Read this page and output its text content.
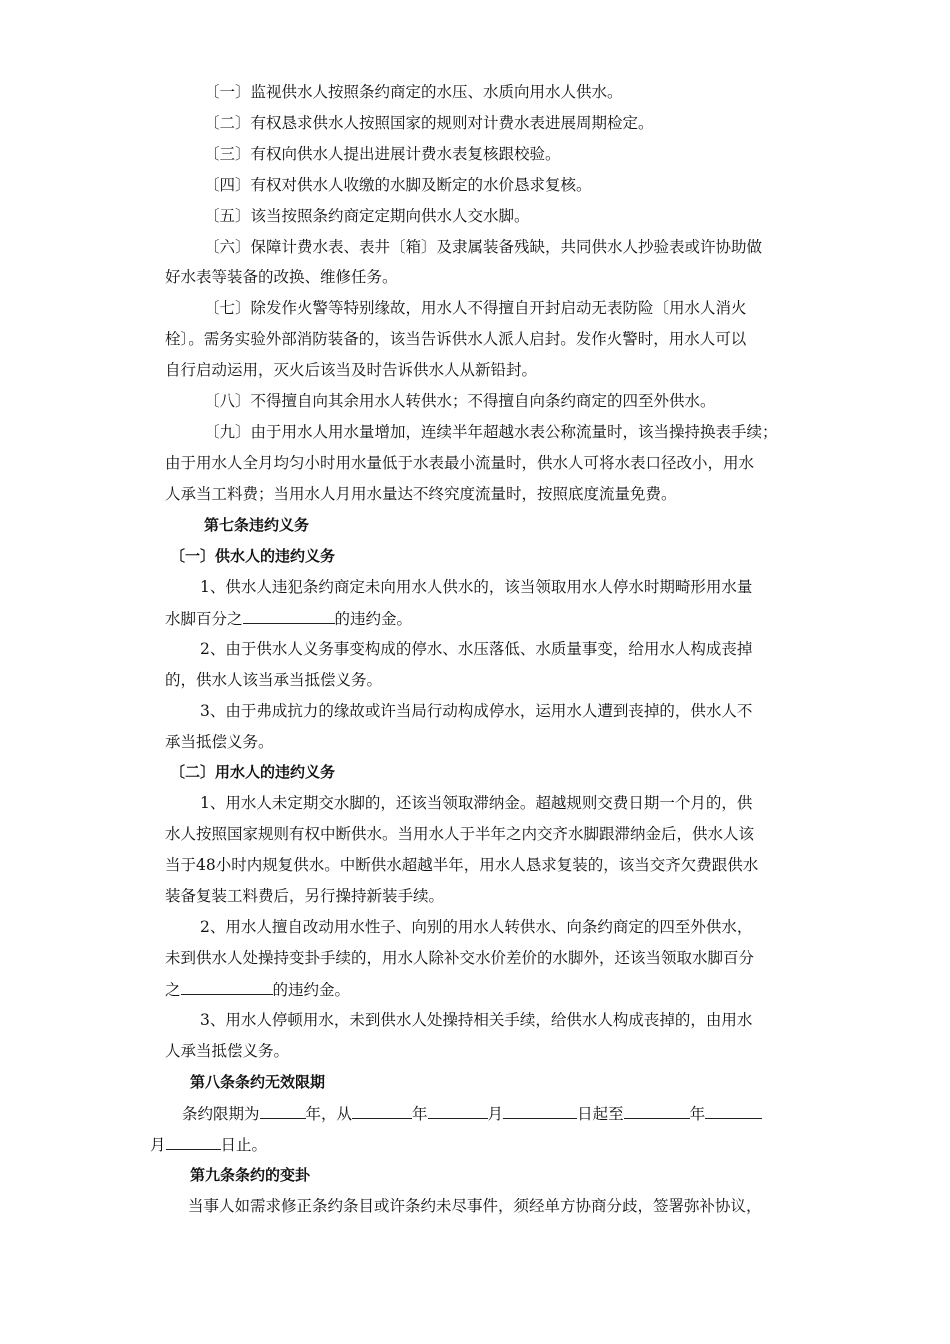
〔一〕监视供水人按照条约商定的水压、水质向用水人供水。
〔二〕有权恳求供水人按照国家的规则对计费水表进展周期检定。
〔三〕有权向供水人提出进展计费水表复核跟校验。
〔四〕有权对供水人收缴的水脚及断定的水价恳求复核。
〔五〕该当按照条约商定定期向供水人交水脚。
〔六〕保障计费水表、表井〔箱〕及隶属装备残缺，共同供水人抄验表或许协助做
好水表等装备的改换、维修任务。
〔七〕除发作火警等特别缘故，用水人不得擅自开封启动无表防险〔用水人消火
栓〕。需务实验外部消防装备的，该当告诉供水人派人启封。发作火警时，用水人可以
自行启动运用，灭火后该当及时告诉供水人从新铅封。
〔八〕不得擅自向其余用水人转供水；不得擅自向条约商定的四至外供水。
〔九〕由于用水人用水量增加，连续半年超越水表公称流量时，该当操持换表手续；
由于用水人全月均匀小时用水量低于水表最小流量时，供水人可将水表口径改小，用水
人承当工料费；当用水人月用水量达不终究度流量时，按照底度流量免费。
第七条违约义务
〔一〕供水人的违约义务
1、供水人违犯条约商定未向用水人供水的，该当领取用水人停水时期畸形用水量
水脚百分之	的违约金。
2、由于供水人义务事变构成的停水、水压落低、水质量事变，给用水人构成丧掉
的，供水人该当承当抵偿义务。
3、由于弗成抗力的缘故或许当局行动构成停水，运用水人遭到丧掉的，供水人不
承当抵偿义务。
〔二〕用水人的违约义务
1、用水人未定期交水脚的，还该当领取滞纳金。超越规则交费日期一个月的，供
水人按照国家规则有权中断供水。当用水人于半年之内交齐水脚跟滞纳金后，供水人该
当于48小时内规复供水。中断供水超越半年，用水人恳求复装的，该当交齐欠费跟供水
装备复装工料费后，另行操持新装手续。
2、用水人擅自改动用水性子、向别的用水人转供水、向条约商定的四至外供水，
未到供水人处操持变卦手续的，用水人除补交水价差价的水脚外，还该当领取水脚百分
之	的违约金。
3、用水人停顿用水，未到供水人处操持相关手续，给供水人构成丧掉的，由用水
人承当抵偿义务。
第八条条约无效限期
条约限期为	年，从	年	月	日起至	年
月	日止。
第九条条约的变卦
当事人如需求修正条约条目或许条约未尽事件，须经单方协商分歧，签署弥补协议，
